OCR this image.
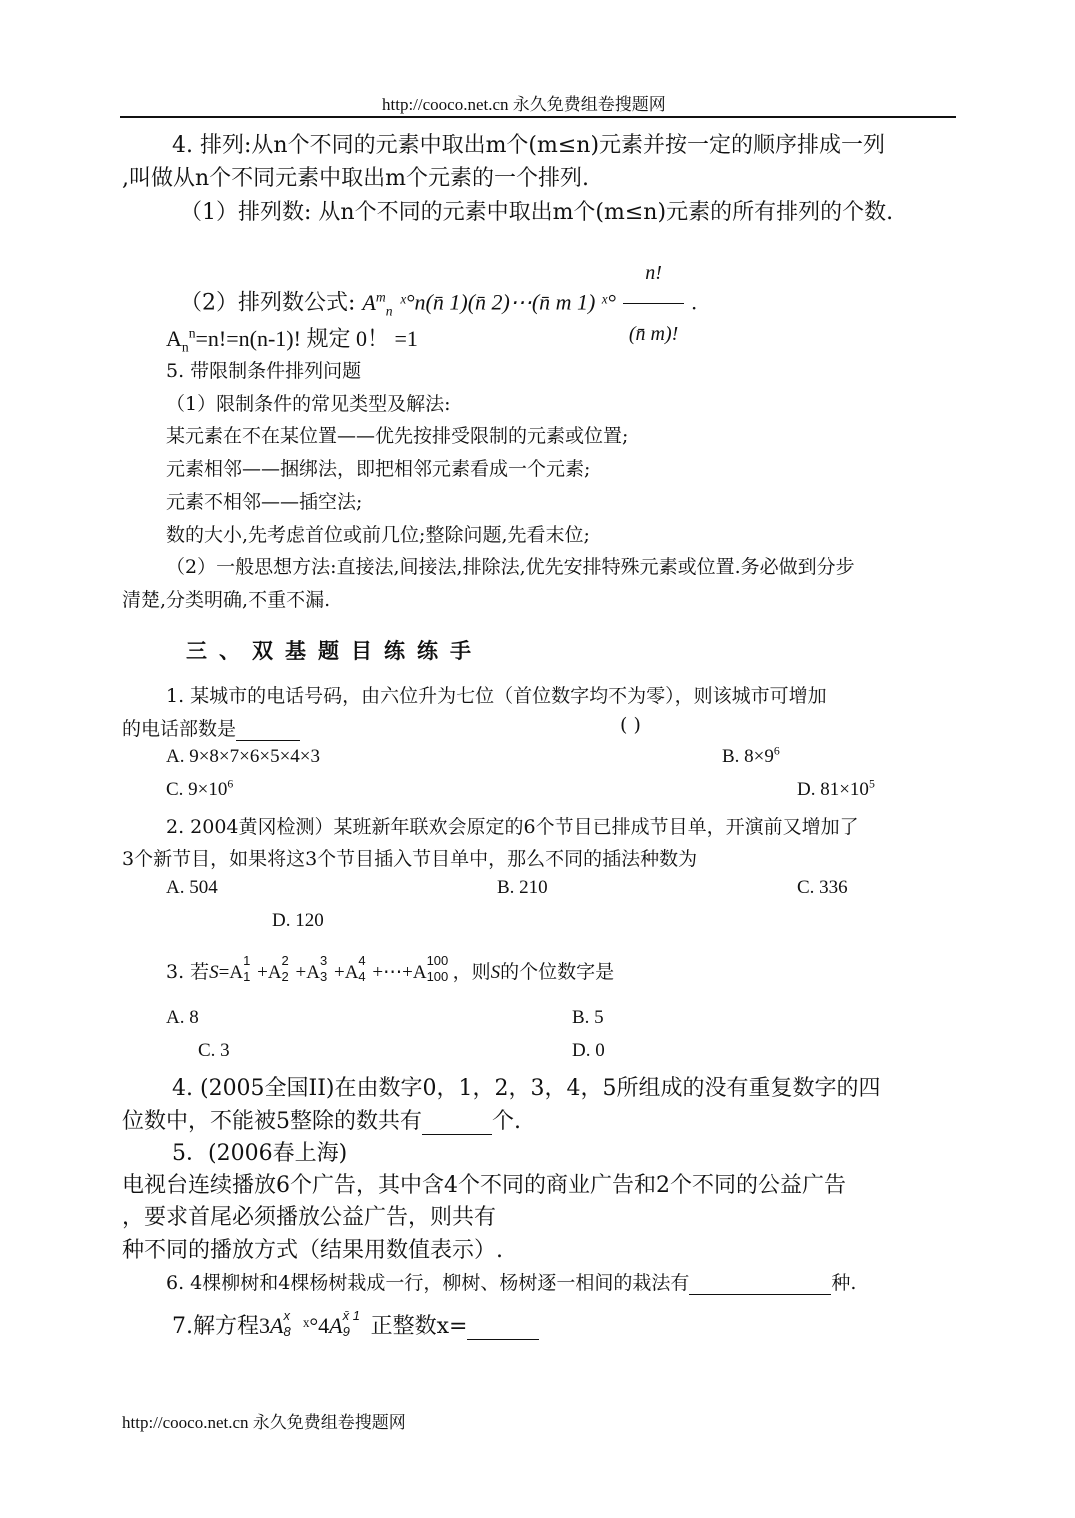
http://cooco.net.cn 永久免费组卷搜题网
4. 排列:从n个不同的元素中取出m个(m≤n)元素并按一定的顺序排成一列
,叫做从n个不同元素中取出m个元素的一个排列.
（1）排列数: 从n个不同的元素中取出m个(m≤n)元素的所有排列的个数.
（2）排列数公式: $A^m_n$ ˣ°n(n̄ 1)(n̄ 2)⋯(n̄ m 1) ˣ° $\frac{n!}{(n̄ m)!}$ .
$A_n^n=n!=n(n-1)$! 规定 0！ =1
5. 带限制条件排列问题
（1）限制条件的常见类型及解法:
某元素在不在某位置——优先按排受限制的元素或位置;
元素相邻——捆绑法，即把相邻元素看成一个元素;
元素不相邻——插空法;
数的大小,先考虑首位或前几位;整除问题,先看末位;
（2）一般思想方法:直接法,间接法,排除法,优先安排特殊元素或位置.务必做到分步
清楚,分类明确,不重不漏.
三、双基题目练练手
1. 某城市的电话号码，由六位升为七位（首位数字均不为零），则该城市可增加
的电话部数是	( )
A. 9×8×7×6×5×4×3	B. $8\times 9^6$
C. $9\times 10^6$	D. $81\times 10^5$
2. 2004黄冈检测）某班新年联欢会原定的6个节目已排成节目单，开演前又增加了
3个新节目，如果将这3个节目插入节目单中，那么不同的插法种数为
A. 504	B. 210	C. 336
D. 120
3. 若S=A
1
1 +A
2
2 +A
3
3 +A
4
4 +⋯+A
100
100 ，则S的个位数字是
A. 8	B. 5
C. 3	D. 0
4. (2005全国II)在由数字0，1，2，3，4，5所组成的没有重复数字的四
位数中，不能被5整除的数共有	个.
5．(2006春上海)
电视台连续播放6个广告，其中含4个不同的商业广告和2个不同的公益广告
，要求首尾必须播放公益广告，则共有
种不同的播放方式（结果用数值表示）.
6. 4棵柳树和4棵杨树栽成一行，柳树、杨树逐一相间的栽法有	种.
7.解方程3A x
8 ˣ°4A x̄ 1
9 正整数x=
http://cooco.net.cn 永久免费组卷搜题网
